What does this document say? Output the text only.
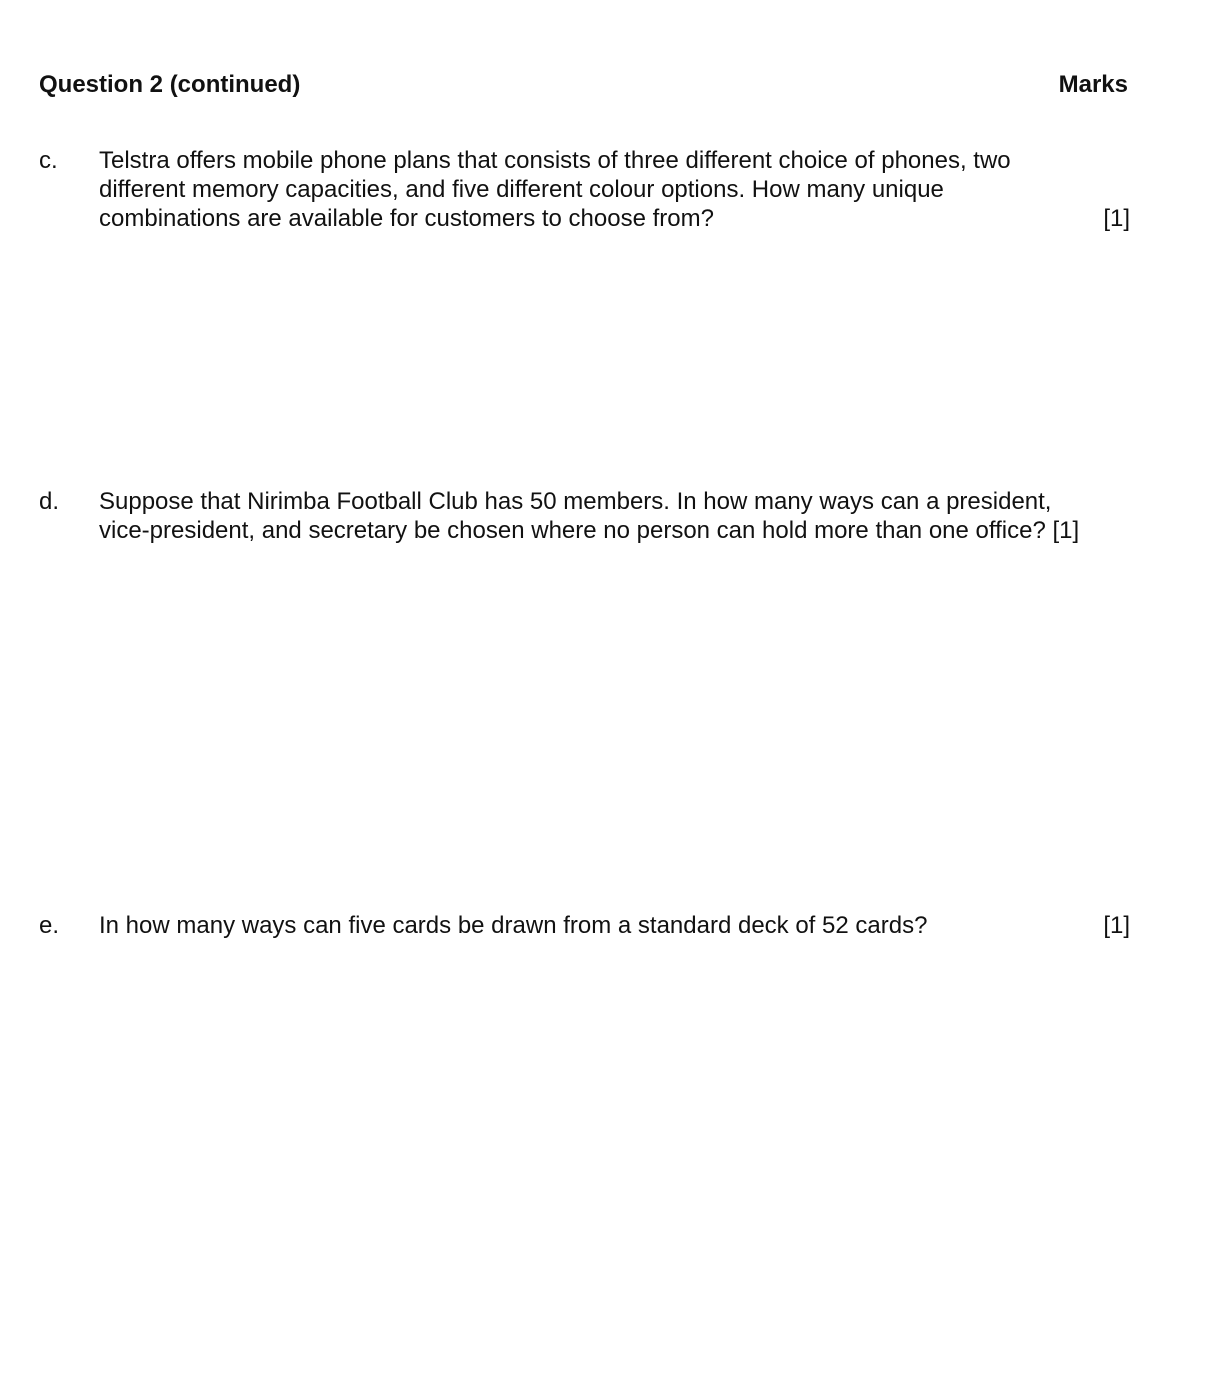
Question 2 (continued)	Marks
c. Telstra offers mobile phone plans that consists of three different choice of phones, two
different memory capacities, and five different colour options. How many unique
combinations are available for customers to choose from?	[1]
d. Suppose that Nirimba Football Club has 50 members. In how many ways can a president,
vice-president, and secretary be chosen where no person can hold more than one office? [1]
e. In how many ways can five cards be drawn from a standard deck of 52 cards?	[1]
